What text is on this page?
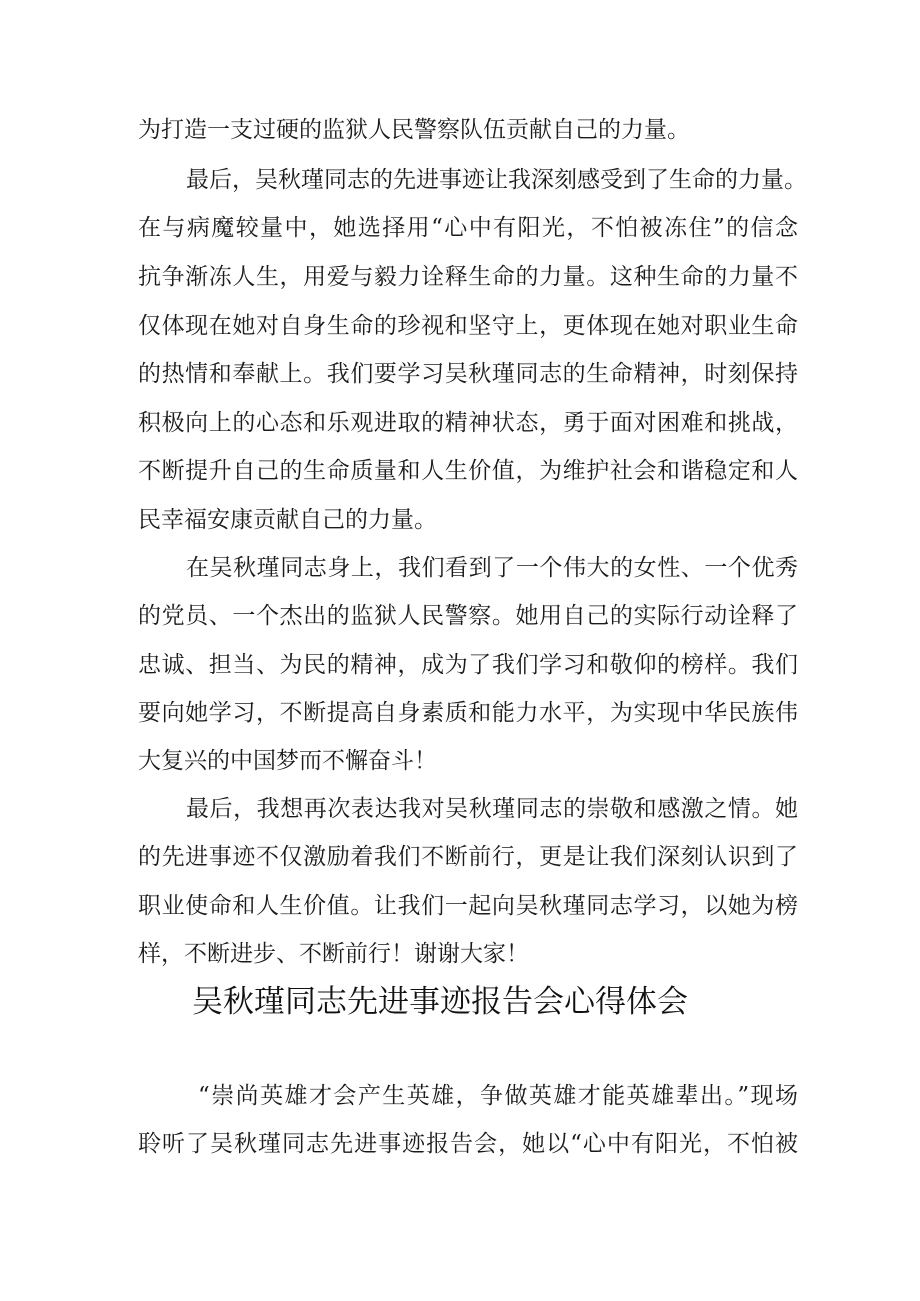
为打造一支过硬的监狱人民警察队伍贡献自己的力量。
最后，吴秋瑾同志的先进事迹让我深刻感受到了生命的力量。
在与病魔较量中，她选择用“心中有阳光，不怕被冻住”的信念
抗争渐冻人生，用爱与毅力诠释生命的力量。这种生命的力量不
仅体现在她对自身生命的珍视和坚守上，更体现在她对职业生命
的热情和奉献上。我们要学习吴秋瑾同志的生命精神，时刻保持
积极向上的心态和乐观进取的精神状态，勇于面对困难和挑战，
不断提升自己的生命质量和人生价值，为维护社会和谐稳定和人
民幸福安康贡献自己的力量。
在吴秋瑾同志身上，我们看到了一个伟大的女性、一个优秀
的党员、一个杰出的监狱人民警察。她用自己的实际行动诠释了
忠诚、担当、为民的精神，成为了我们学习和敬仰的榜样。我们
要向她学习，不断提高自身素质和能力水平，为实现中华民族伟
大复兴的中国梦而不懈奋斗！
最后，我想再次表达我对吴秋瑾同志的崇敬和感激之情。她
的先进事迹不仅激励着我们不断前行，更是让我们深刻认识到了
职业使命和人生价值。让我们一起向吴秋瑾同志学习，以她为榜
样，不断进步、不断前行！谢谢大家！
吴秋瑾同志先进事迹报告会心得体会
“崇尚英雄才会产生英雄，争做英雄才能英雄辈出。”现场
聆听了吴秋瑾同志先进事迹报告会，她以“心中有阳光，不怕被
